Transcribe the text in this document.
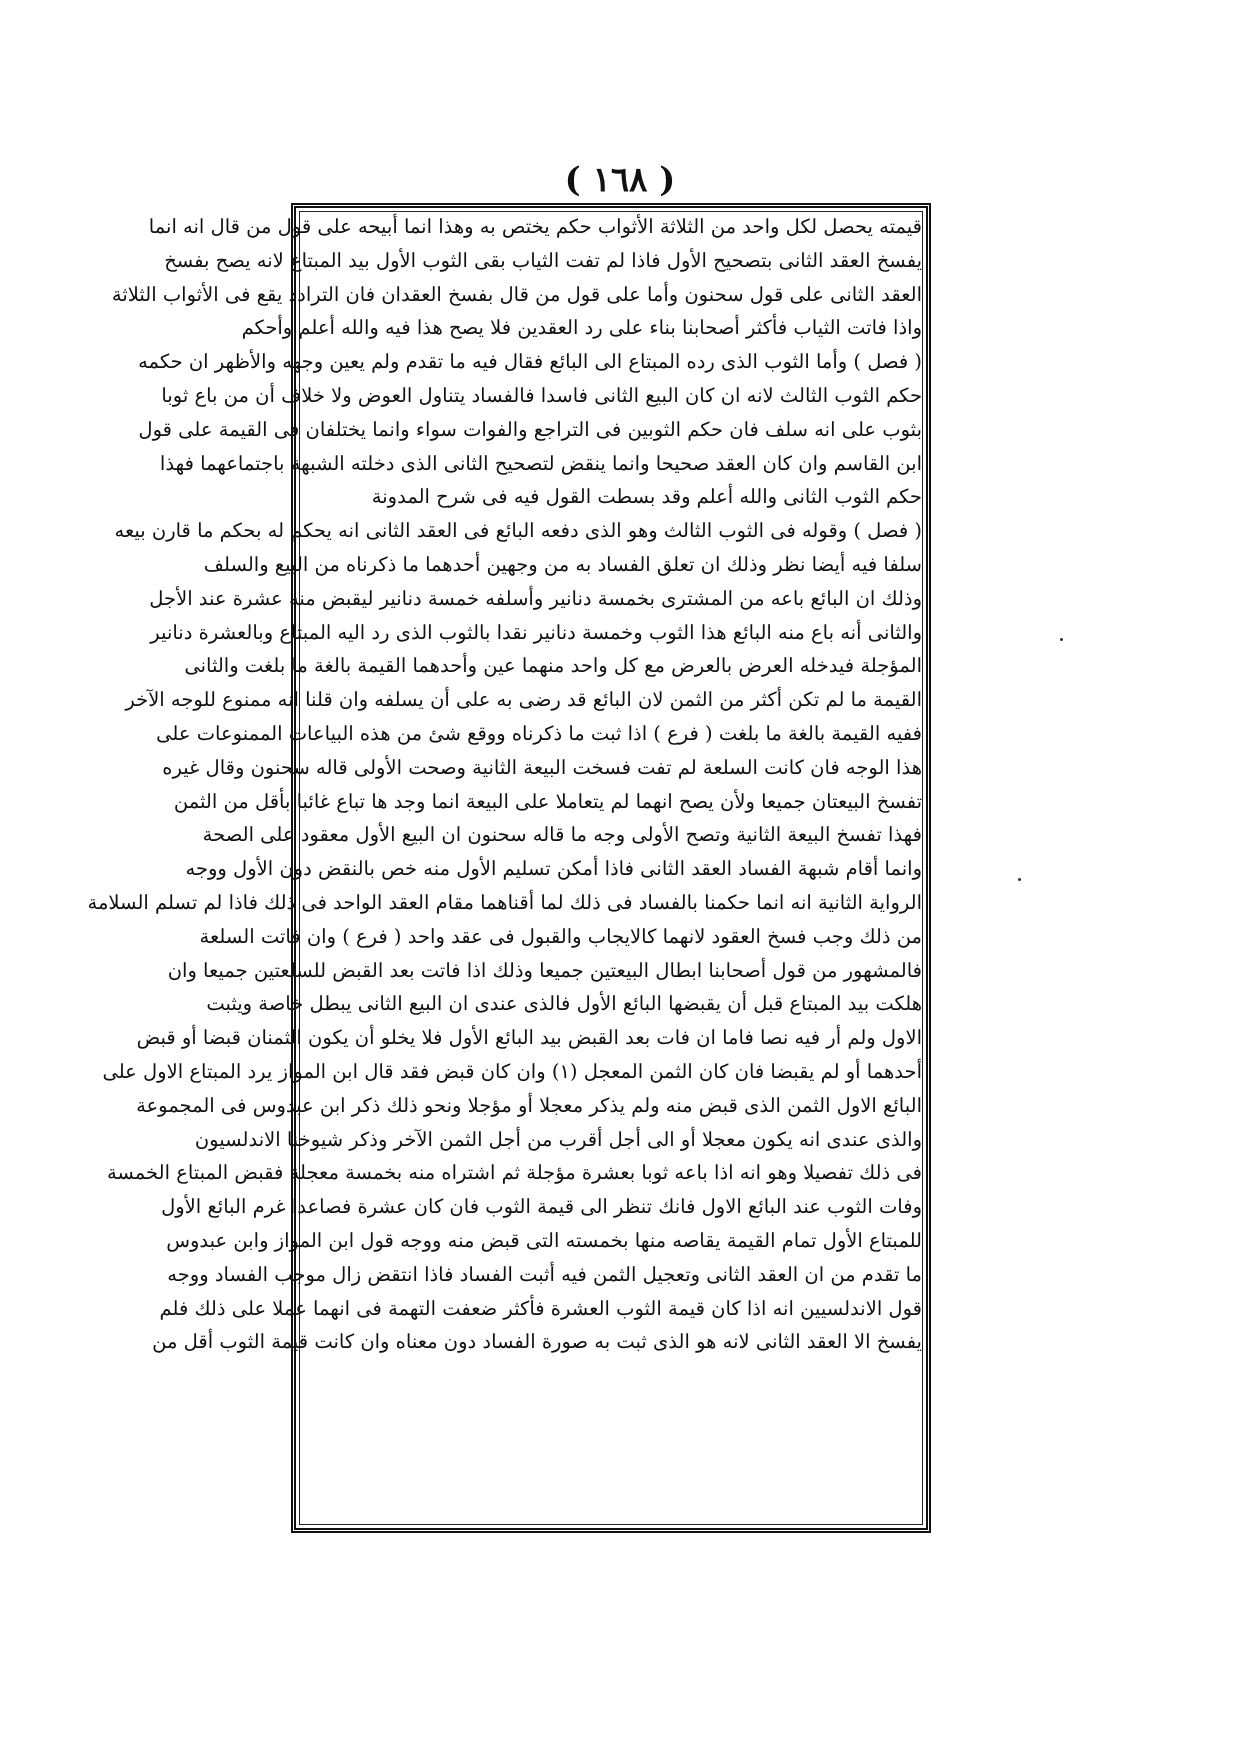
( ١٦٨ )
قيمته يحصل لكل واحد من الثلاثة الأثواب حكم يختص به وهذا انما أبيحه على قول من قال انه انما
يفسخ العقد الثانى بتصحيح الأول فاذا لم تفت الثياب بقى الثوب الأول بيد المبتاع لانه يصح بفسخ
العقد الثانى على قول سحنون وأما على قول من قال بفسخ العقدان فان الترادد يقع فى الأثواب الثلاثة
واذا فاتت الثياب فأكثر أصحابنا بناء على رد العقدين فلا يصح هذا فيه والله أعلم وأحكم
( فصل ) وأما الثوب الذى رده المبتاع الى البائع فقال فيه ما تقدم ولم يعين وجهه والأظهر ان حكمه
حكم الثوب الثالث لانه ان كان البيع الثانى فاسدا فالفساد يتناول العوض ولا خلاف أن من باع ثوبا
بثوب على انه سلف فان حكم الثوبين فى التراجع والفوات سواء وانما يختلفان فى القيمة على قول
ابن القاسم وان كان العقد صحيحا وانما ينقض لتصحيح الثانى الذى دخلته الشبهة باجتماعهما فهذا
حكم الثوب الثانى والله أعلم وقد بسطت القول فيه فى شرح المدونة
( فصل ) وقوله فى الثوب الثالث وهو الذى دفعه البائع فى العقد الثانى انه يحكم له بحكم ما قارن بيعه
سلفا فيه أيضا نظر وذلك ان تعلق الفساد به من وجهين أحدهما ما ذكرناه من البيع والسلف
وذلك ان البائع باعه من المشترى بخمسة دنانير وأسلفه خمسة دنانير ليقبض منه عشرة عند الأجل
والثانى أنه باع منه البائع هذا الثوب وخمسة دنانير نقدا بالثوب الذى رد اليه المبتاع وبالعشرة دنانير
المؤجلة فيدخله العرض بالعرض مع كل واحد منهما عين وأحدهما القيمة بالغة ما بلغت والثانى
القيمة ما لم تكن أكثر من الثمن لان البائع قد رضى به على أن يسلفه وان قلنا انه ممنوع للوجه الآخر
ففيه القيمة بالغة ما بلغت ( فرع ) اذا ثبت ما ذكرناه ووقع شئ من هذه البياعات الممنوعات على
هذا الوجه فان كانت السلعة لم تفت فسخت البيعة الثانية وصحت الأولى قاله سحنون وقال غيره
تفسخ البيعتان جميعا ولأن يصح انهما لم يتعاملا على البيعة انما وجد ها تباع غائبا بأقل من الثمن
فهذا تفسخ البيعة الثانية وتصح الأولى وجه ما قاله سحنون ان البيع الأول معقود على الصحة
وانما أقام شبهة الفساد العقد الثانى فاذا أمكن تسليم الأول منه خص بالنقض دون الأول ووجه
الرواية الثانية انه انما حكمنا بالفساد فى ذلك لما أقناهما مقام العقد الواحد فى ذلك فاذا لم تسلم السلامة
من ذلك وجب فسخ العقود لانهما كالايجاب والقبول فى عقد واحد ( فرع ) وان فاتت السلعة
فالمشهور من قول أصحابنا ابطال البيعتين جميعا وذلك اذا فاتت بعد القبض للسلعتين جميعا وان
هلكت بيد المبتاع قبل أن يقبضها البائع الأول فالذى عندى ان البيع الثانى يبطل خاصة ويثبت
الاول ولم أر فيه نصا فاما ان فات بعد القبض بيد البائع الأول فلا يخلو أن يكون الثمنان قبضا أو قبض
أحدهما أو لم يقبضا فان كان الثمن المعجل (١) وان كان قبض فقد قال ابن المواز يرد المبتاع الاول على
البائع الاول الثمن الذى قبض منه ولم يذكر معجلا أو مؤجلا ونحو ذلك ذكر ابن عبدوس فى المجموعة
والذى عندى انه يكون معجلا أو الى أجل أقرب من أجل الثمن الآخر وذكر شيوخنا الاندلسيون
فى ذلك تفصيلا وهو انه اذا باعه ثوبا بعشرة مؤجلة ثم اشتراه منه بخمسة معجلة فقبض المبتاع الخمسة
وفات الثوب عند البائع الاول فانك تنظر الى قيمة الثوب فان كان عشرة فصاعدا غرم البائع الأول
للمبتاع الأول تمام القيمة يقاصه منها بخمسته التى قبض منه ووجه قول ابن المواز وابن عبدوس
ما تقدم من ان العقد الثانى وتعجيل الثمن فيه أثبت الفساد فاذا انتقض زال موجب الفساد ووجه
قول الاندلسيين انه اذا كان قيمة الثوب العشرة فأكثر ضعفت التهمة فى انهما عملا على ذلك فلم
يفسخ الا العقد الثانى لانه هو الذى ثبت به صورة الفساد دون معناه وان كانت قيمة الثوب أقل من
